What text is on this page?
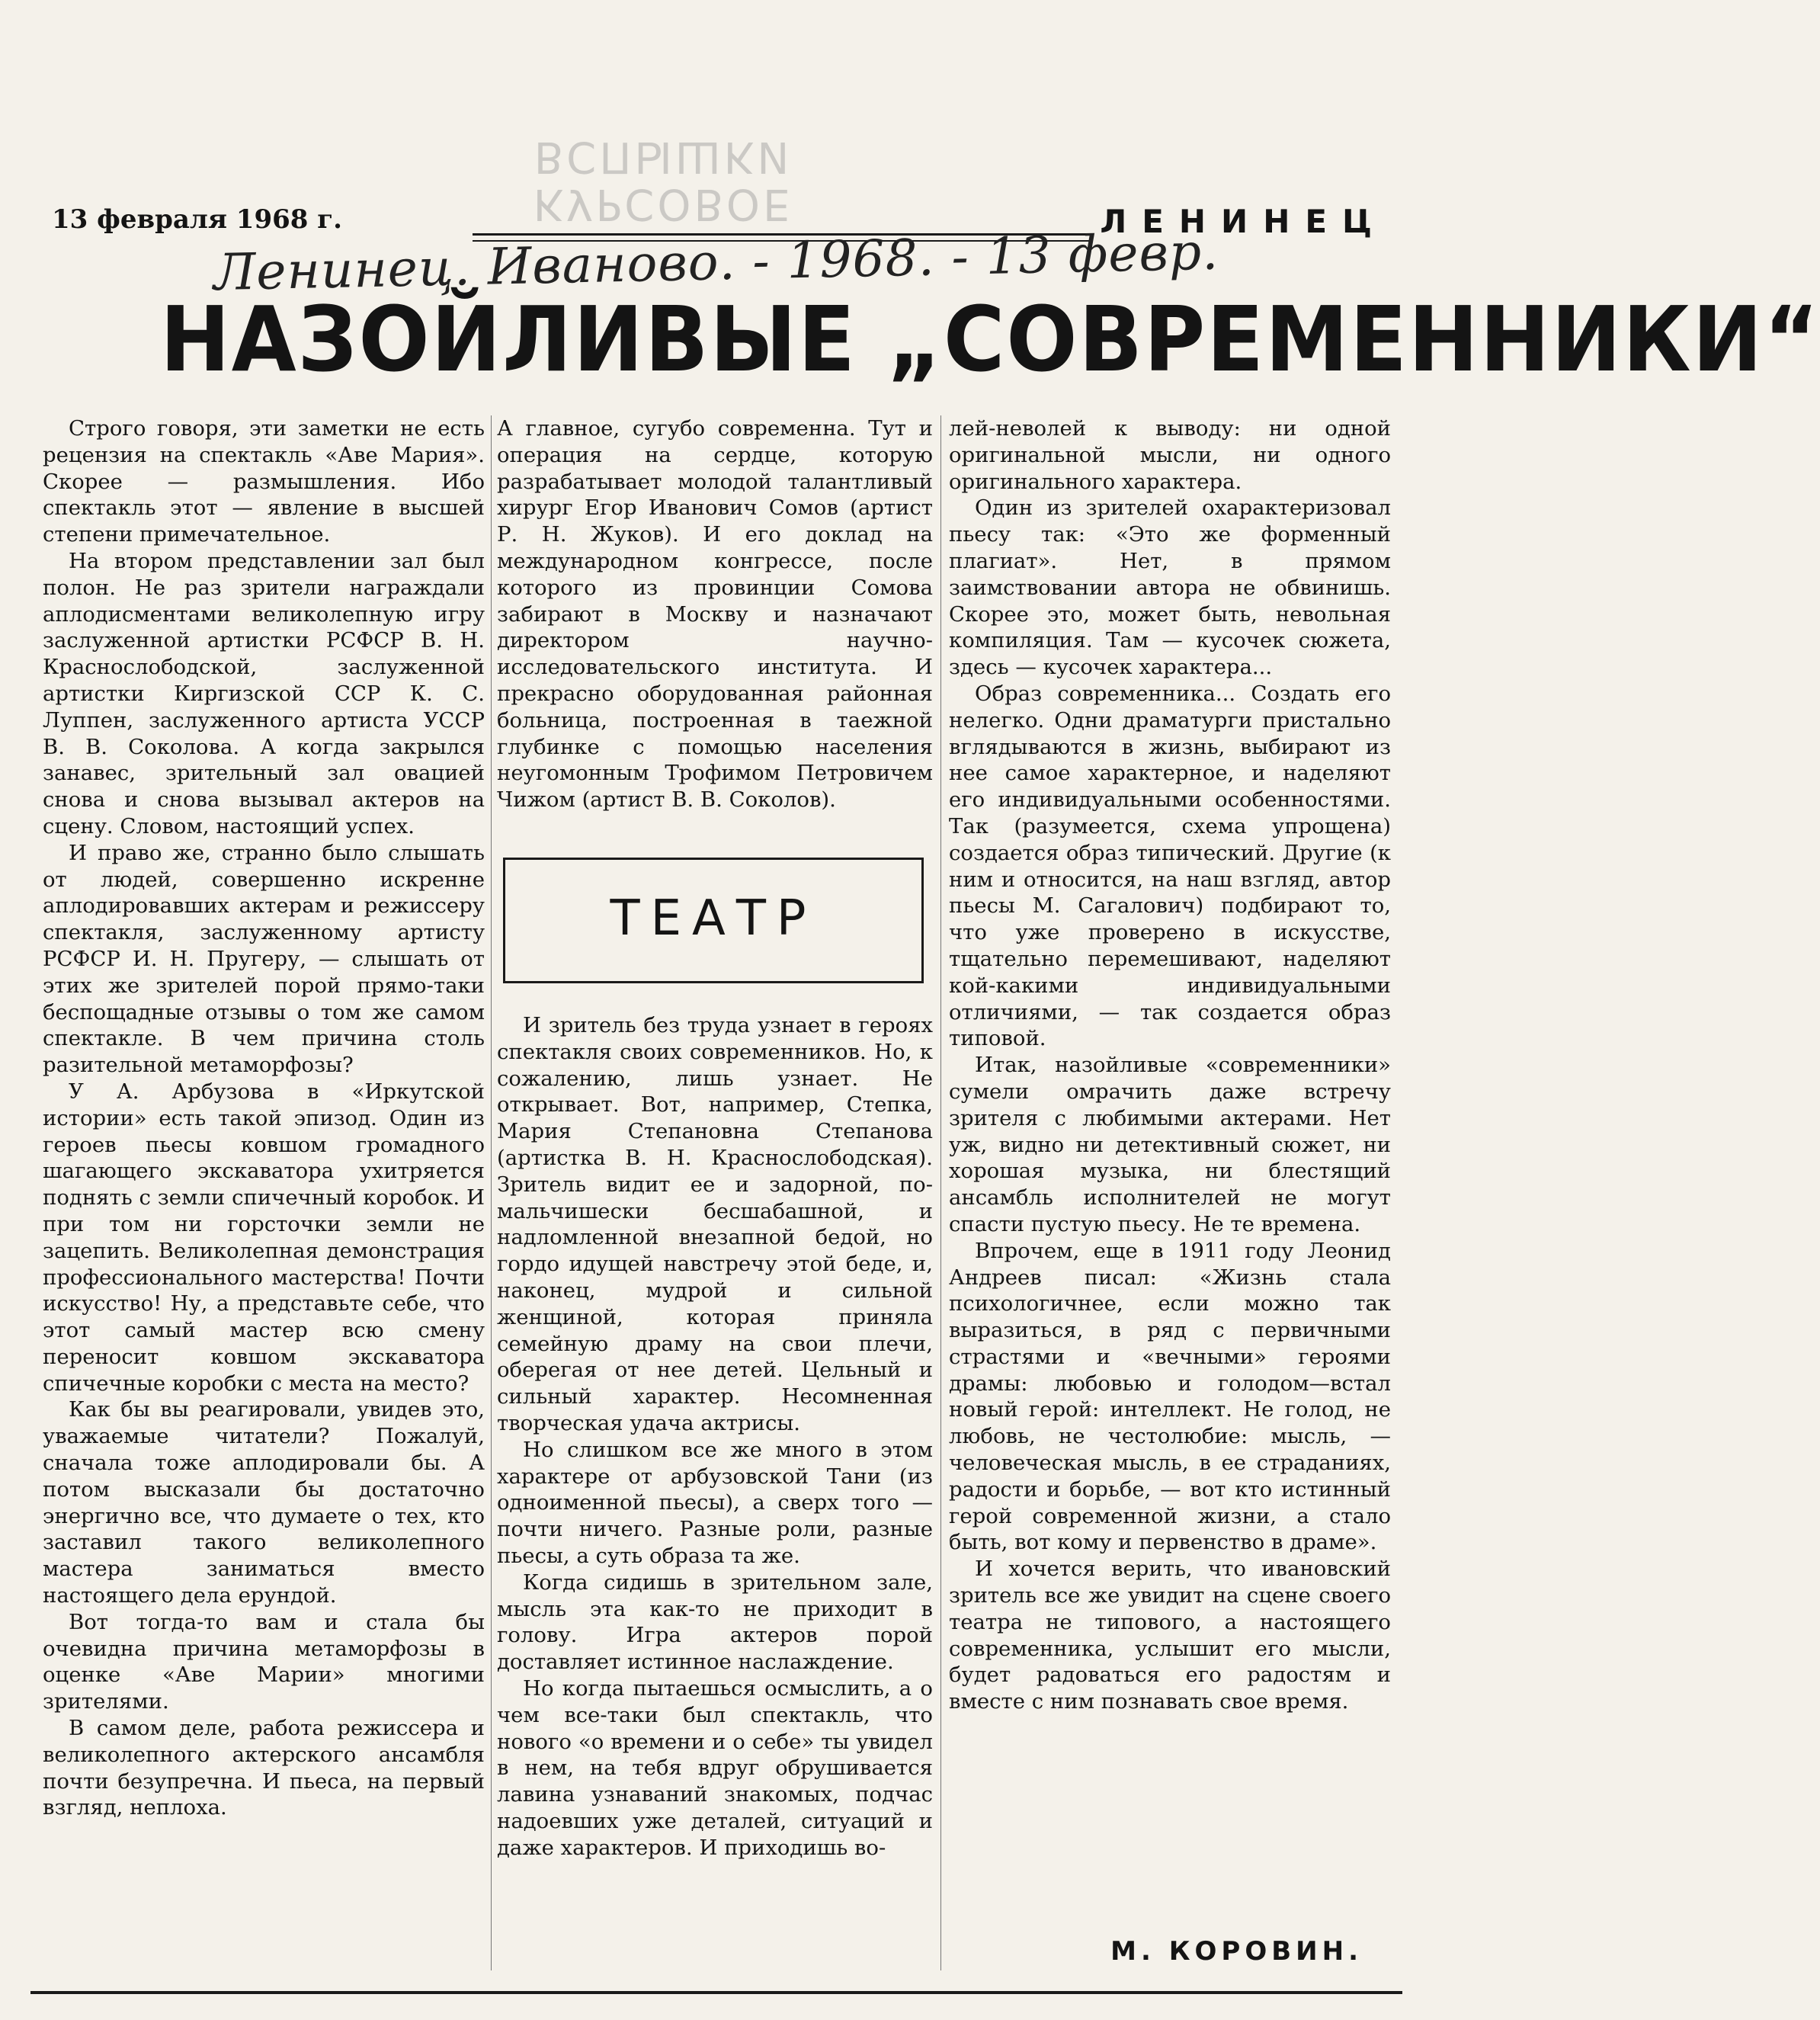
КУРСОВОЕ ВСПЫШКИ
13 февраля 1968 г.	ЛЕНИНЕЦ
Ленинец. Иваново. - 1968. - 13 февр.
НАЗОЙЛИВЫЕ „СОВРЕМЕННИКИ“

Строго говоря, эти заметки не есть рецензия на спектакль «Аве Мария». Скорее — размышления. Ибо спектакль этот — явление в высшей степени примечательное.

На втором представлении зал был полон. Не раз зрители награждали аплодисментами великолепную игру заслуженной артистки РСФСР В. Н. Краснослободской, заслуженной артистки Киргизской ССР К. С. Луппен, заслуженного артиста УССР В. В. Соколова. А когда закрылся занавес, зрительный зал овацией снова и снова вызывал актеров на сцену. Словом, настоящий успех.

И право же, странно было слышать от людей, совершенно искренне аплодировавших актерам и режиссеру спектакля, заслуженному артисту РСФСР И. Н. Пругеру, — слышать от этих же зрителей порой прямо-таки беспощадные отзывы о том же самом спектакле. В чем причина столь разительной метаморфозы?

У А. Арбузова в «Иркутской истории» есть такой эпизод. Один из героев пьесы ковшом громадного шагающего экскаватора ухитряется поднять с земли спичечный коробок. И при том ни горсточки земли не зацепить. Великолепная демонстрация профессионального мастерства! Почти искусство! Ну, а представьте себе, что этот самый мастер всю смену переносит ковшом экскаватора спичечные коробки с места на место?

Как бы вы реагировали, увидев это, уважаемые читатели? Пожалуй, сначала тоже аплодировали бы. А потом высказали бы достаточно энергично все, что думаете о тех, кто заставил такого великолепного мастера заниматься вместо настоящего дела ерундой.

Вот тогда-то вам и стала бы очевидна причина метаморфозы в оценке «Аве Марии» многими зрителями.

В самом деле, работа режиссера и великолепного актерского ансамбля почти безупречна. И пьеса, на первый взгляд, неплоха.

А главное, сугубо современна. Тут и операция на сердце, которую разрабатывает молодой талантливый хирург Егор Иванович Сомов (артист Р. Н. Жуков). И его доклад на международном конгрессе, после которого из провинции Сомова забирают в Москву и назначают директором научно-исследовательского института. И прекрасно оборудованная районная больница, построенная в таежной глубинке с помощью населения неугомонным Трофимом Петровичем Чижом (артист В. В. Соколов).

ТЕАТР

И зритель без труда узнает в героях спектакля своих современников. Но, к сожалению, лишь узнает. Не открывает. Вот, например, Степка, Мария Степановна Степанова (артистка В. Н. Краснослободская). Зритель видит ее и задорной, по-мальчишески бесшабашной, и надломленной внезапной бедой, но гордо идущей навстречу этой беде, и, наконец, мудрой и сильной женщиной, которая приняла семейную драму на свои плечи, оберегая от нее детей. Цельный и сильный характер. Несомненная творческая удача актрисы.

Но слишком все же много в этом характере от арбузовской Тани (из одноименной пьесы), а сверх того — почти ничего. Разные роли, разные пьесы, а суть образа та же.

Когда сидишь в зрительном зале, мысль эта как-то не приходит в голову. Игра актеров порой доставляет истинное наслаждение.

Но когда пытаешься осмыслить, а о чем все-таки был спектакль, что нового «о времени и о себе» ты увидел в нем, на тебя вдруг обрушивается лавина узнаваний знакомых, подчас надоевших уже деталей, ситуаций и даже характеров. И приходишь во-

лей-неволей к выводу: ни одной оригинальной мысли, ни одного оригинального характера.

Один из зрителей охарактеризовал пьесу так: «Это же форменный плагиат». Нет, в прямом заимствовании автора не обвинишь. Скорее это, может быть, невольная компиляция. Там — кусочек сюжета, здесь — кусочек характера...

Образ современника... Создать его нелегко. Одни драматурги пристально вглядываются в жизнь, выбирают из нее самое характерное, и наделяют его индивидуальными особенностями. Так (разумеется, схема упрощена) создается образ типический. Другие (к ним и относится, на наш взгляд, автор пьесы М. Сагалович) подбирают то, что уже проверено в искусстве, тщательно перемешивают, наделяют кой-какими индивидуальными отличиями, — так создается образ типовой.

Итак, назойливые «современники» сумели омрачить даже встречу зрителя с любимыми актерами. Нет уж, видно ни детективный сюжет, ни хорошая музыка, ни блестящий ансамбль исполнителей не могут спасти пустую пьесу. Не те времена.

Впрочем, еще в 1911 году Леонид Андреев писал: «Жизнь стала психологичнее, если можно так выразиться, в ряд с первичными страстями и «вечными» героями драмы: любовью и голодом—встал новый герой: интеллект. Не голод, не любовь, не честолюбие: мысль, — человеческая мысль, в ее страданиях, радости и борьбе, — вот кто истинный герой современной жизни, а стало быть, вот кому и первенство в драме».

И хочется верить, что ивановский зритель все же увидит на сцене своего театра не типового, а настоящего современника, услышит его мысли, будет радоваться его радостям и вместе с ним познавать свое время.

М. КОРОВИН.
